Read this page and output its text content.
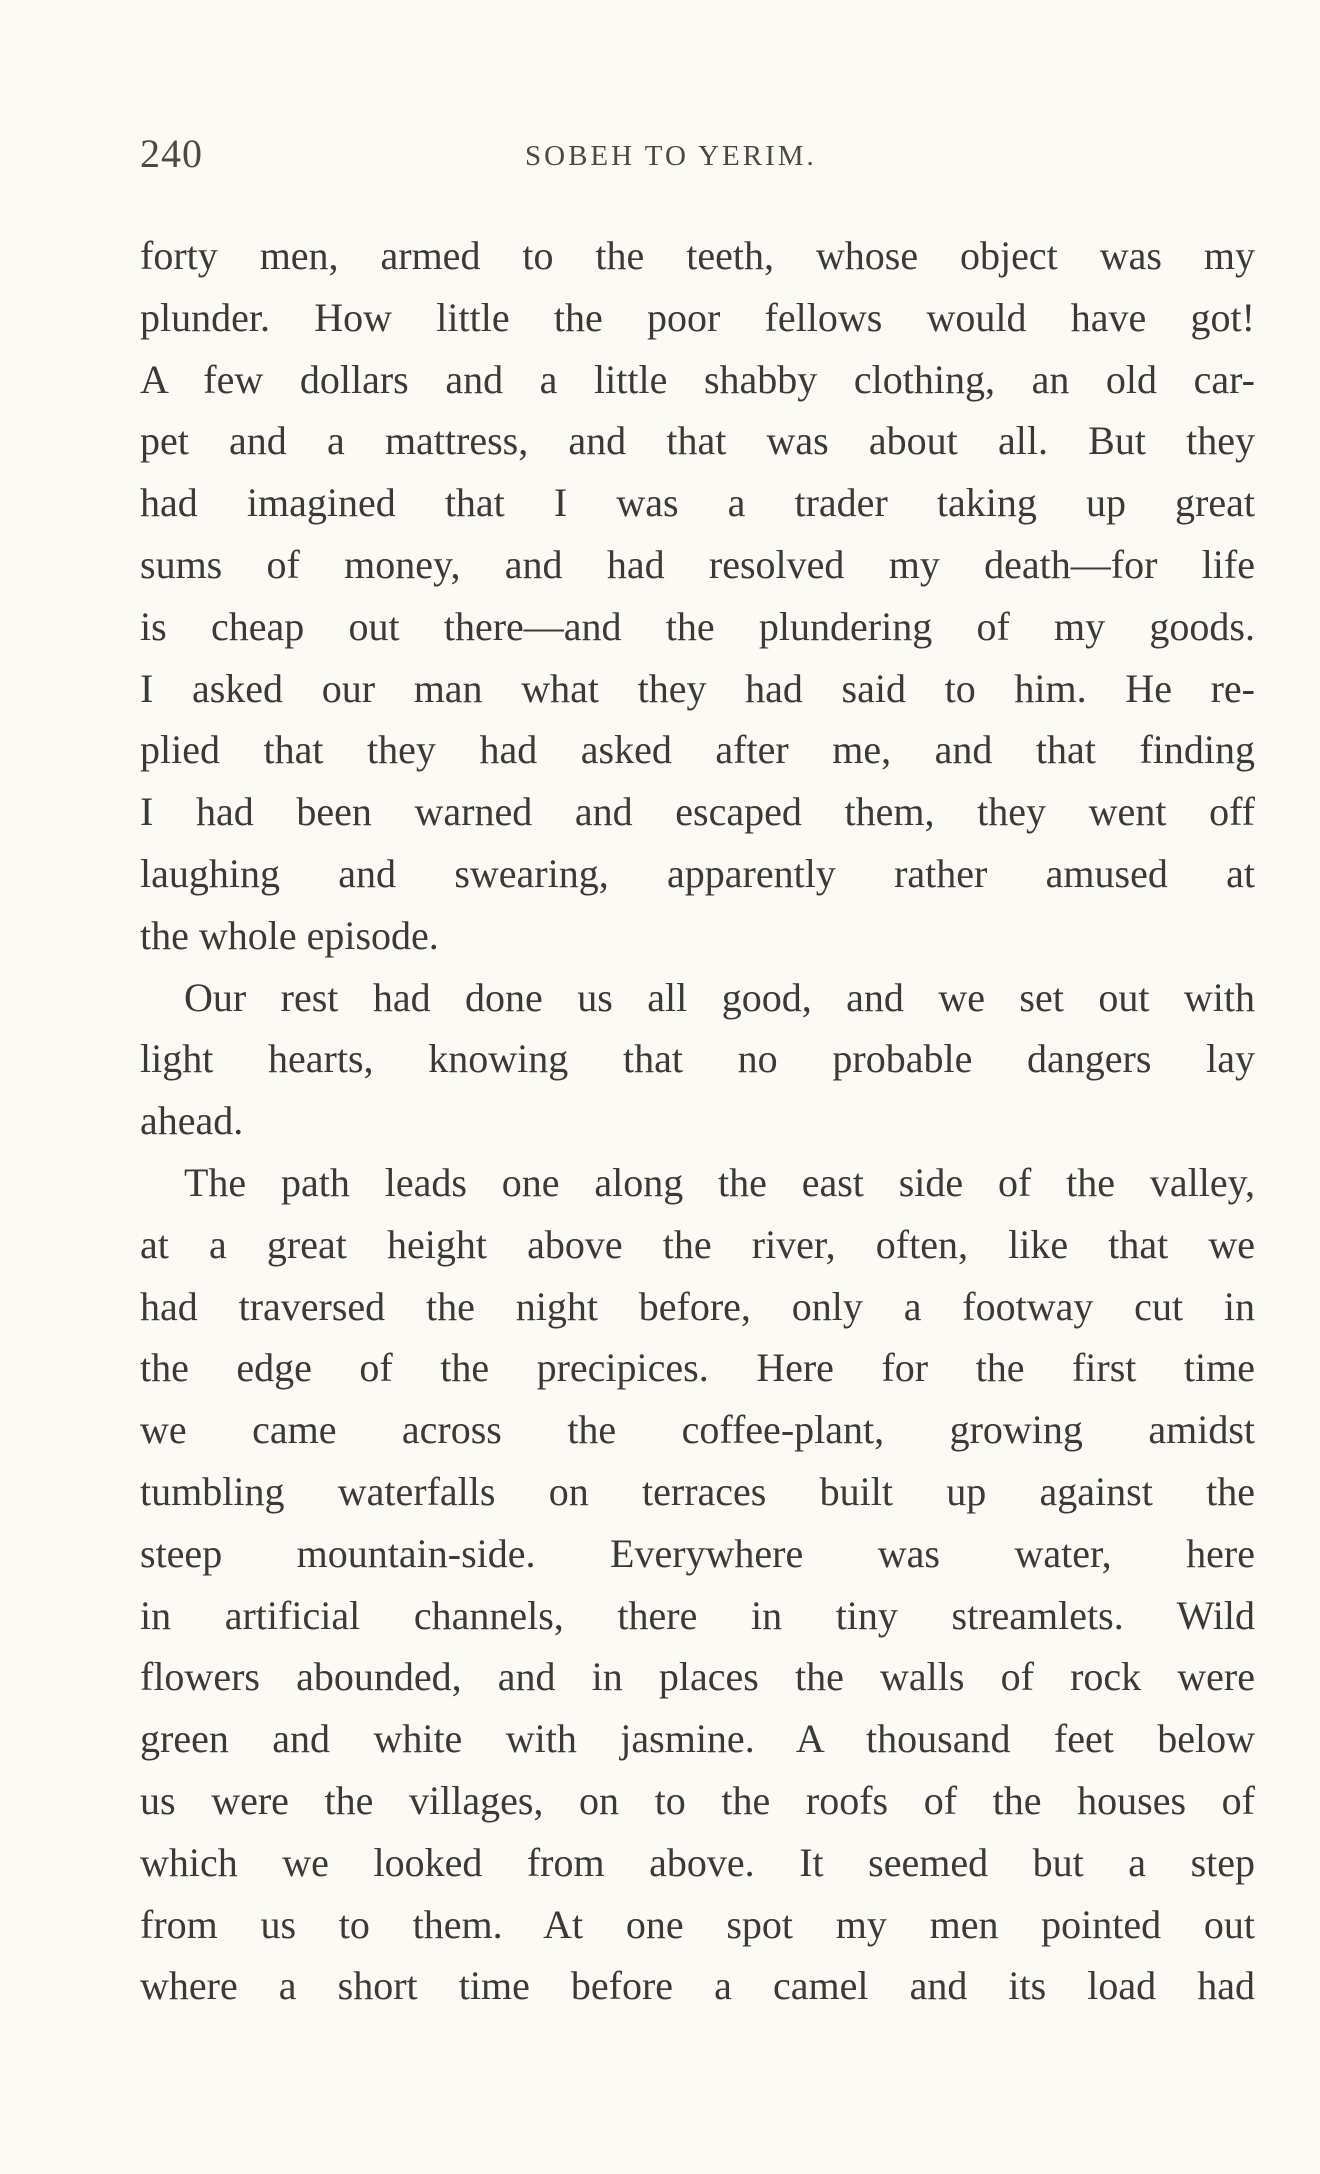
240	SOBEH TO YERIM.
forty men, armed to the teeth, whose object was my
plunder. How little the poor fellows would have got!
A few dollars and a little shabby clothing, an old car-
pet and a mattress, and that was about all. But they
had imagined that I was a trader taking up great
sums of money, and had resolved my death—for life
is cheap out there—and the plundering of my goods.
I asked our man what they had said to him. He re-
plied that they had asked after me, and that finding
I had been warned and escaped them, they went off
laughing and swearing, apparently rather amused at
the whole episode.
Our rest had done us all good, and we set out with
light hearts, knowing that no probable dangers lay
ahead.
The path leads one along the east side of the valley,
at a great height above the river, often, like that we
had traversed the night before, only a footway cut in
the edge of the precipices. Here for the first time
we came across the coffee-plant, growing amidst
tumbling waterfalls on terraces built up against the
steep mountain-side. Everywhere was water, here
in artificial channels, there in tiny streamlets. Wild
flowers abounded, and in places the walls of rock were
green and white with jasmine. A thousand feet below
us were the villages, on to the roofs of the houses of
which we looked from above. It seemed but a step
from us to them. At one spot my men pointed out
where a short time before a camel and its load had
